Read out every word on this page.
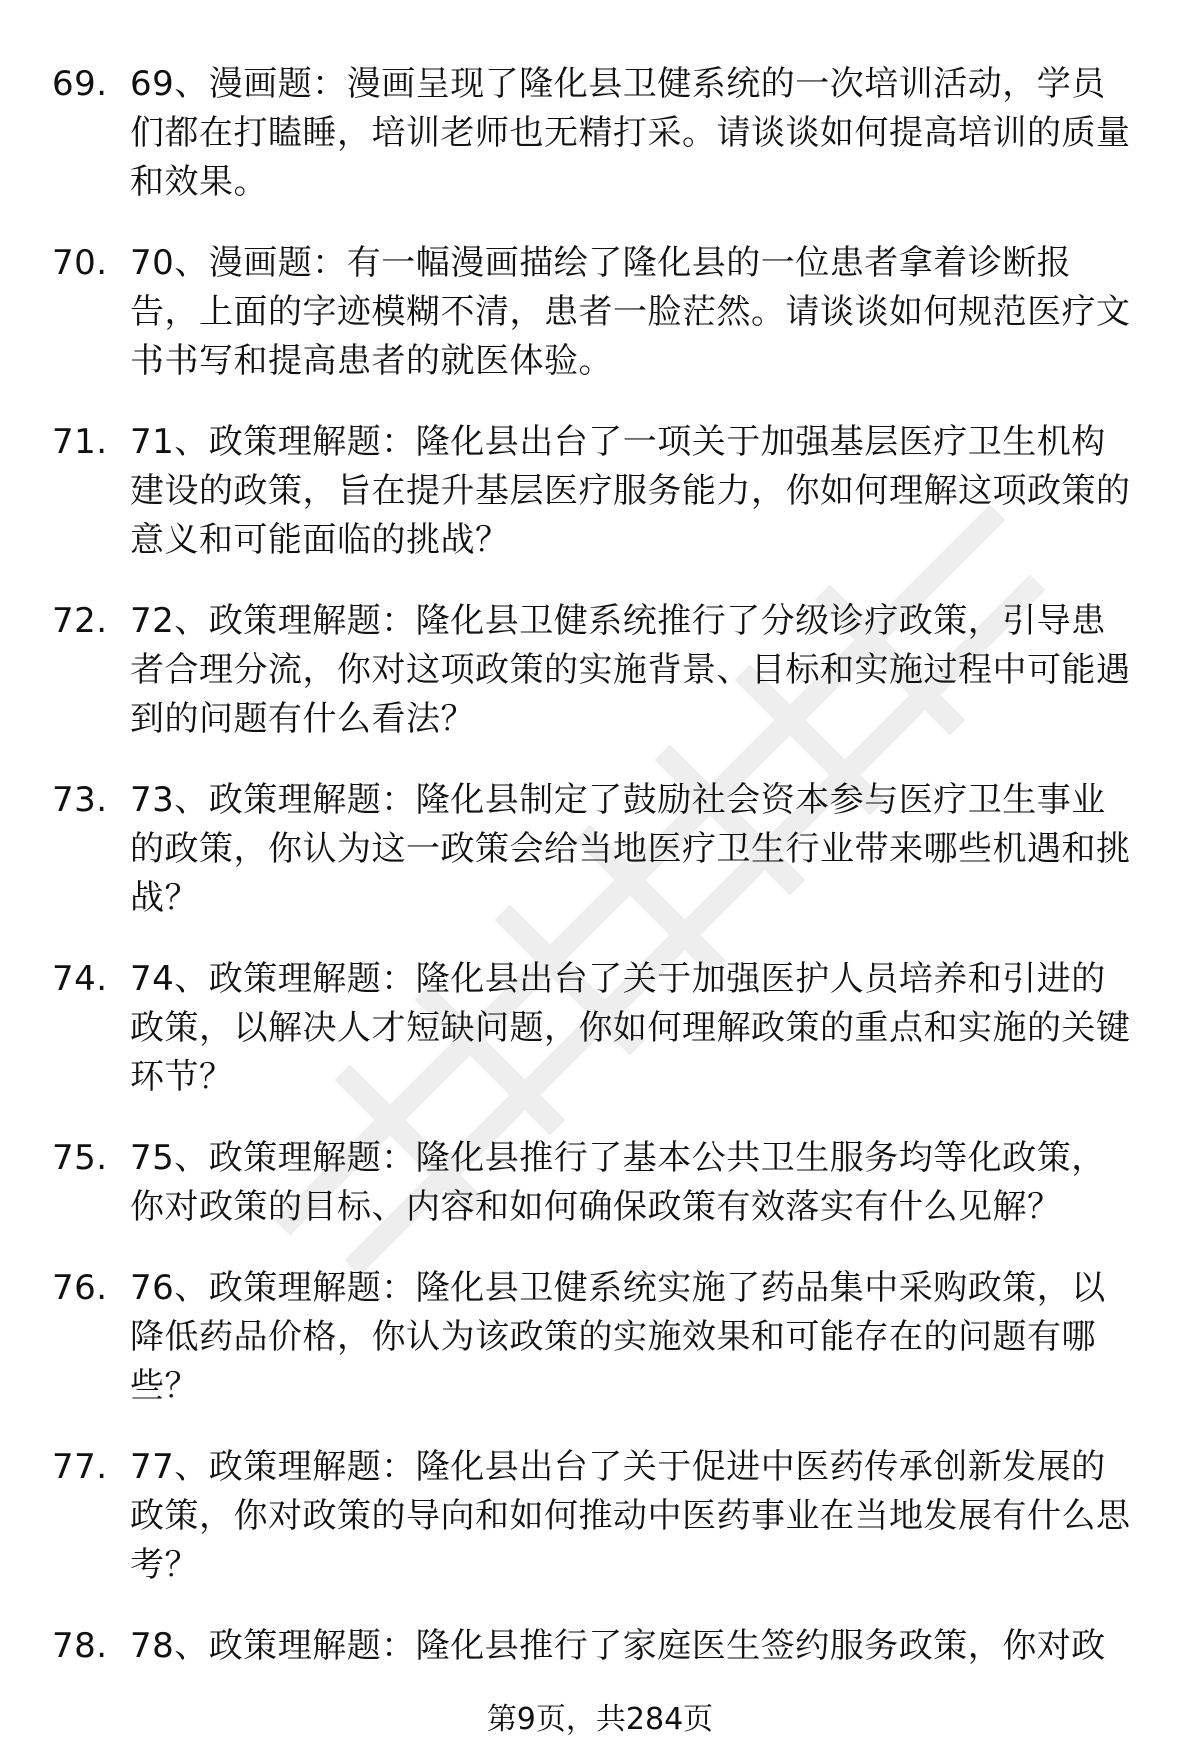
69. 69、漫画题：漫画呈现了隆化县卫健系统的一次培训活动，学员们都在打瞌睡，培训老师也无精打采。请谈谈如何提高培训的质量和效果。
70. 70、漫画题：有一幅漫画描绘了隆化县的一位患者拿着诊断报告，上面的字迹模糊不清，患者一脸茫然。请谈谈如何规范医疗文书书写和提高患者的就医体验。
71. 71、政策理解题：隆化县出台了一项关于加强基层医疗卫生机构建设的政策，旨在提升基层医疗服务能力，你如何理解这项政策的意义和可能面临的挑战？
72. 72、政策理解题：隆化县卫健系统推行了分级诊疗政策，引导患者合理分流，你对这项政策的实施背景、目标和实施过程中可能遇到的问题有什么看法？
73. 73、政策理解题：隆化县制定了鼓励社会资本参与医疗卫生事业的政策，你认为这一政策会给当地医疗卫生行业带来哪些机遇和挑战？
74. 74、政策理解题：隆化县出台了关于加强医护人员培养和引进的政策，以解决人才短缺问题，你如何理解政策的重点和实施的关键环节？
75. 75、政策理解题：隆化县推行了基本公共卫生服务均等化政策，你对政策的目标、内容和如何确保政策有效落实有什么见解？
76. 76、政策理解题：隆化县卫健系统实施了药品集中采购政策，以降低药品价格，你认为该政策的实施效果和可能存在的问题有哪些？
77. 77、政策理解题：隆化县出台了关于促进中医药传承创新发展的政策，你对政策的导向和如何推动中医药事业在当地发展有什么思考？
78. 78、政策理解题：隆化县推行了家庭医生签约服务政策，你对政
第9页，共284页
